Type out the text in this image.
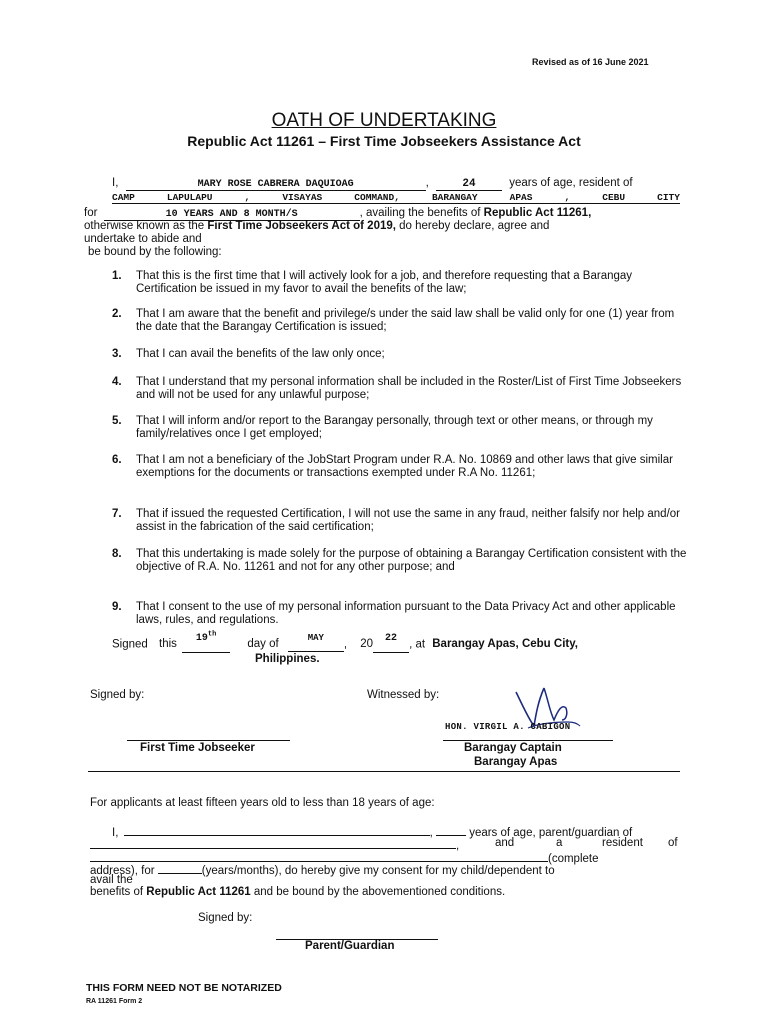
Revised as of 16 June 2021
OATH OF UNDERTAKING
Republic Act 11261 – First Time Jobseekers Assistance Act
I,	MARY ROSE CABRERA DAQUIOAG	,	24	years of age, resident of
CAMP	LAPULAPU	,	VISAYAS	COMMAND,	BARANGAY	APAS	,	CEBU	CITY
for	10 YEARS AND 8 MONTH/S	, availing the benefits of Republic Act 11261,
otherwise known as the First Time Jobseekers Act of 2019, do hereby declare, agree and
undertake to abide and
be bound by the following:
1. That this is the first time that I will actively look for a job, and therefore requesting that a Barangay Certification be issued in my favor to avail the benefits of the law;
2. That I am aware that the benefit and privilege/s under the said law shall be valid only for one (1) year from the date that the Barangay Certification is issued;
3. That I can avail the benefits of the law only once;
4. That I understand that my personal information shall be included in the Roster/List of First Time Jobseekers and will not be used for any unlawful purpose;
5. That I will inform and/or report to the Barangay personally, through text or other means, or through my family/relatives once I get employed;
6. That I am not a beneficiary of the JobStart Program under R.A. No. 10869 and other laws that give similar exemptions for the documents or transactions exempted under R.A No. 11261;
7. That if issued the requested Certification, I will not use the same in any fraud, neither falsify nor help and/or assist in the fabrication of the said certification;
8. That this undertaking is made solely for the purpose of obtaining a Barangay Certification consistent with the objective of R.A. No. 11261 and not for any other purpose; and
9. That I consent to the use of my personal information pursuant to the Data Privacy Act and other applicable laws, rules, and regulations.
Signed this 19th day of	$^{MAY}$ , 20 22 , at Barangay Apas, Cebu City,
Philippines.
Signed by:	Witnessed by:
HON. VIRGIL A. CABIGON
First Time Jobseeker	Barangay Captain
Barangay Apas
For applicants at least fifteen years old to less than 18 years of age:
I,	,	years of age, parent/guardian of
,	and	a	resident of
(complete
address), for	(years/months), do hereby give my consent for my child/dependent to
avail the
benefits of Republic Act 11261 and be bound by the abovementioned conditions.
Signed by:
Parent/Guardian
THIS FORM NEED NOT BE NOTARIZED
RA 11261 Form 2
